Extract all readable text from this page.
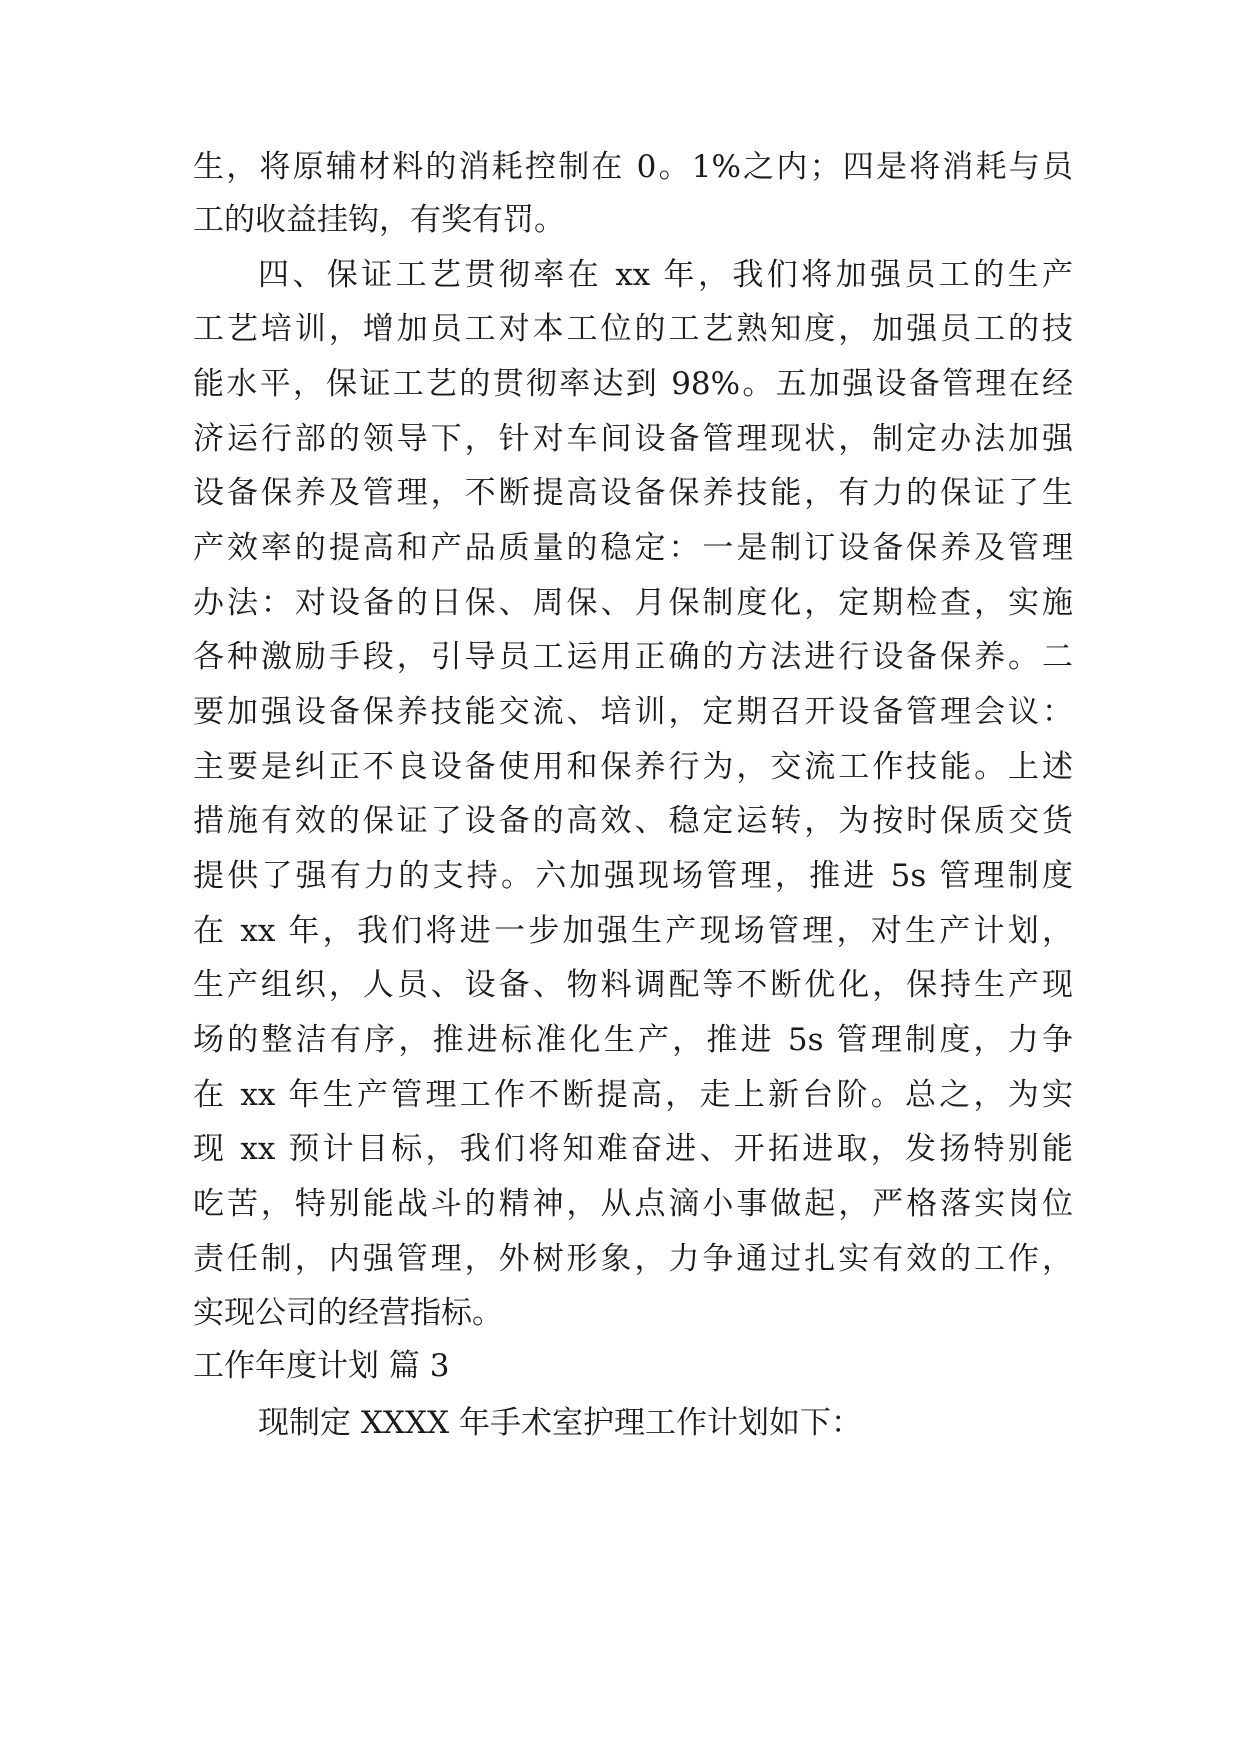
生，将原辅材料的消耗控制在 0。1%之内；四是将消耗与员
工的收益挂钩，有奖有罚。
四、保证工艺贯彻率在 xx 年，我们将加强员工的生产
工艺培训，增加员工对本工位的工艺熟知度，加强员工的技
能水平，保证工艺的贯彻率达到 98%。五加强设备管理在经
济运行部的领导下，针对车间设备管理现状，制定办法加强
设备保养及管理，不断提高设备保养技能，有力的保证了生
产效率的提高和产品质量的稳定：一是制订设备保养及管理
办法：对设备的日保、周保、月保制度化，定期检查，实施
各种激励手段，引导员工运用正确的方法进行设备保养。二
要加强设备保养技能交流、培训，定期召开设备管理会议：
主要是纠正不良设备使用和保养行为，交流工作技能。上述
措施有效的保证了设备的高效、稳定运转，为按时保质交货
提供了强有力的支持。六加强现场管理，推进 5s 管理制度
在 xx 年，我们将进一步加强生产现场管理，对生产计划，
生产组织，人员、设备、物料调配等不断优化，保持生产现
场的整洁有序，推进标准化生产，推进 5s 管理制度，力争
在 xx 年生产管理工作不断提高，走上新台阶。总之，为实
现 xx 预计目标，我们将知难奋进、开拓进取，发扬特别能
吃苦，特别能战斗的精神，从点滴小事做起，严格落实岗位
责任制，内强管理，外树形象，力争通过扎实有效的工作，
实现公司的经营指标。
工作年度计划 篇 3
现制定 XXXX 年手术室护理工作计划如下：
